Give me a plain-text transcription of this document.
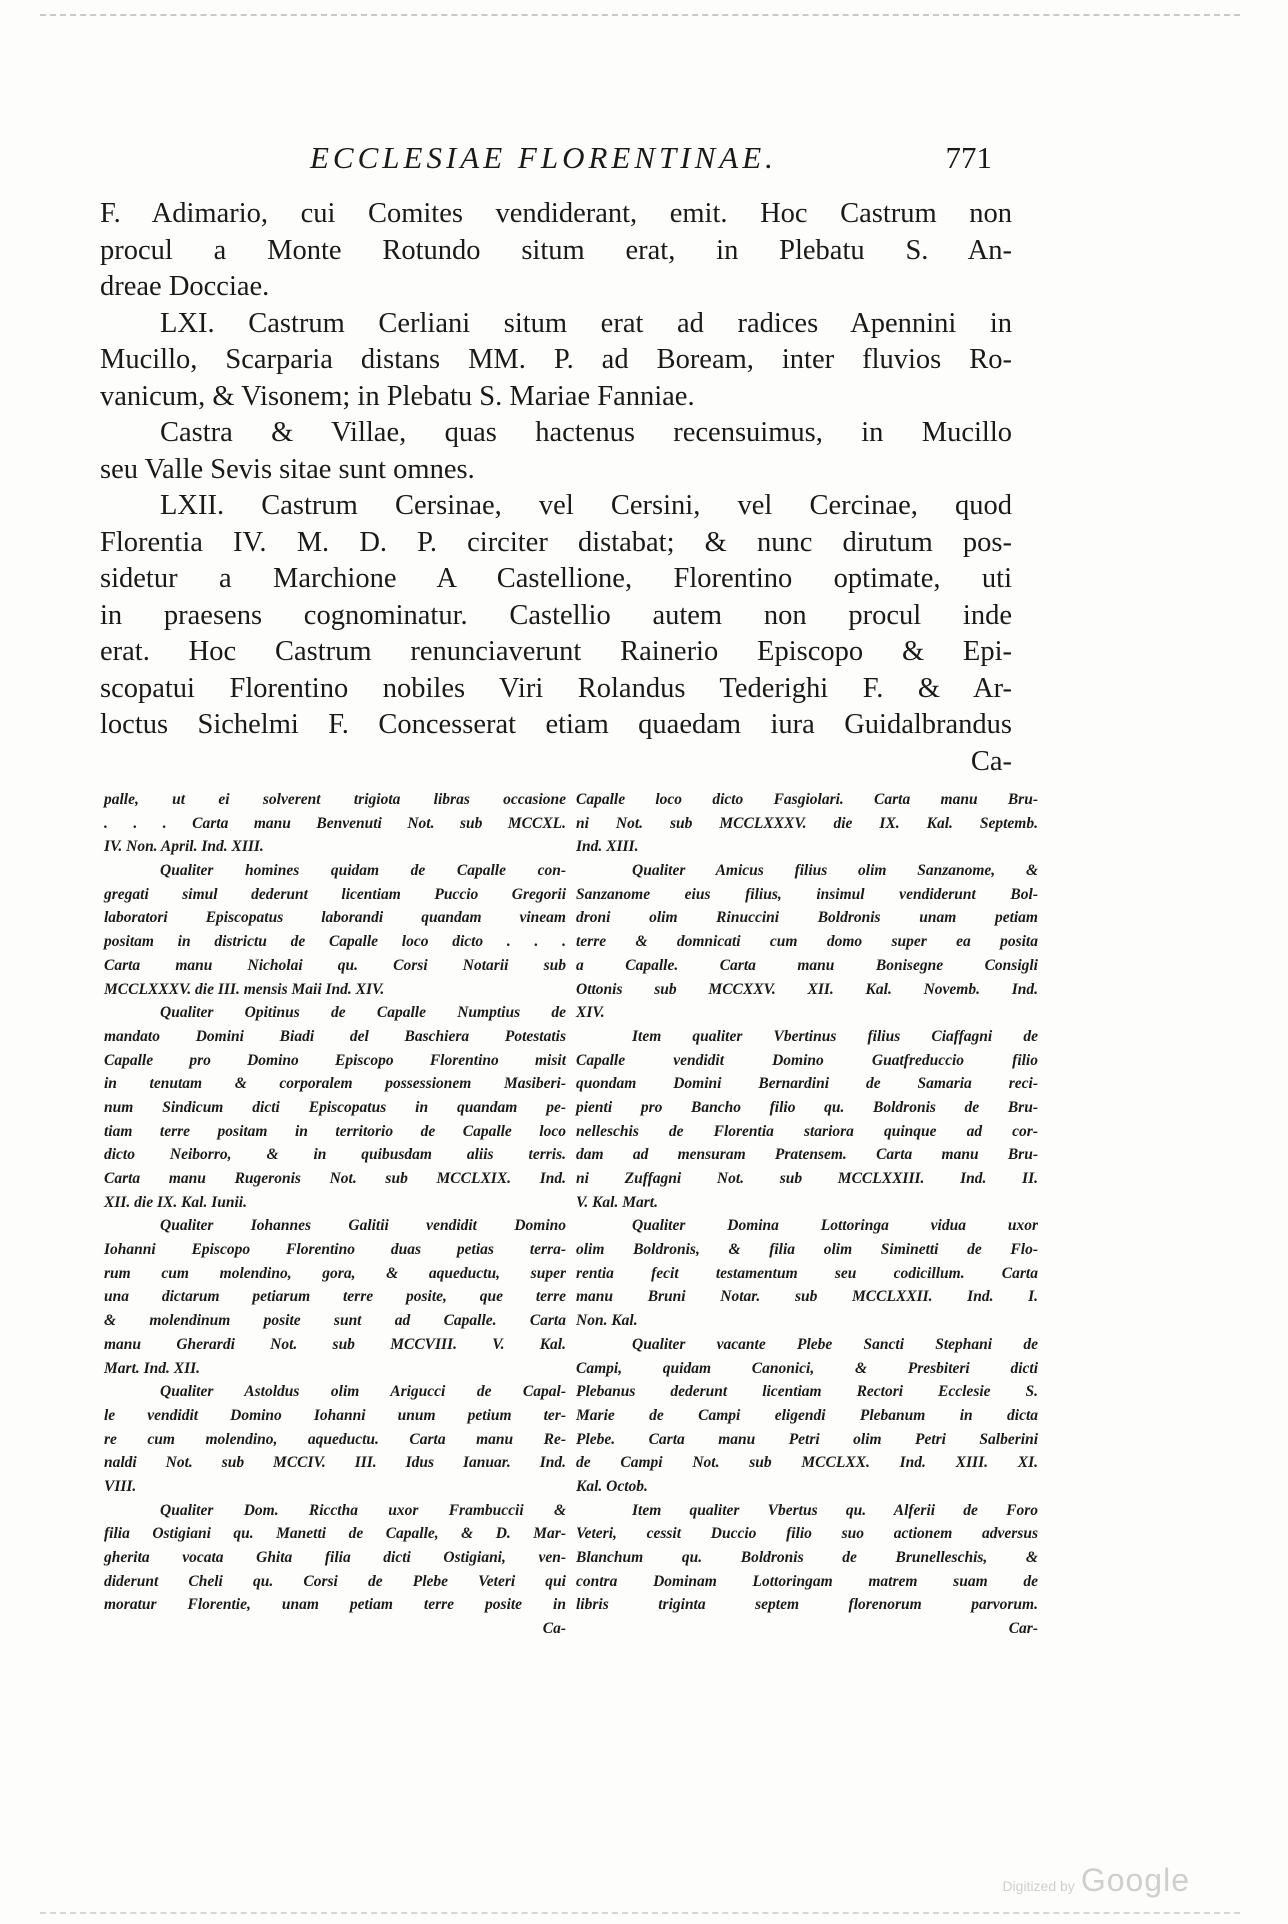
ECCLESIAE FLORENTINAE.	771
F. Adimario, cui Comites vendiderant, emit. Hoc Castrum non
procul a Monte Rotundo situm erat, in Plebatu S. An-
dreae Docciae.
LXI. Castrum Cerliani situm erat ad radices Apennini in
Mucillo, Scarparia distans MM. P. ad Boream, inter fluvios Ro-
vanicum, & Visonem; in Plebatu S. Mariae Fanniae.
Castra & Villae, quas hactenus recensuimus, in Mucillo
seu Valle Sevis sitae sunt omnes.
LXII. Castrum Cersinae, vel Cersini, vel Cercinae, quod
Florentia IV. M. D. P. circiter distabat; & nunc dirutum pos-
sidetur a Marchione A Castellione, Florentino optimate, uti
in praesens cognominatur. Castellio autem non procul inde
erat. Hoc Castrum renunciaverunt Rainerio Episcopo & Epi-
scopatui Florentino nobiles Viri Rolandus Tederighi F. & Ar-
loctus Sichelmi F. Concesserat etiam quaedam iura Guidalbrandus
Ca-
palle, ut ei solverent trigiota libras occasione
. . . Carta manu Benvenuti Not. sub MCCXL.
IV. Non. April. Ind. XIII.
Qualiter homines quidam de Capalle con-
gregati simul dederunt licentiam Puccio Gregorii
laboratori Episcopatus laborandi quandam vineam
positam in districtu de Capalle loco dicto . . .
Carta manu Nicholai qu. Corsi Notarii sub
MCCLXXXV. die III. mensis Maii Ind. XIV.
Qualiter Opitinus de Capalle Numptius de
mandato Domini Biadi del Baschiera Potestatis
Capalle pro Domino Episcopo Florentino misit
in tenutam & corporalem possessionem Masiberi-
num Sindicum dicti Episcopatus in quandam pe-
tiam terre positam in territorio de Capalle loco
dicto Neiborro, & in quibusdam aliis terris.
Carta manu Rugeronis Not. sub MCCLXIX. Ind.
XII. die IX. Kal. Iunii.
Qualiter Iohannes Galitii vendidit Domino
Iohanni Episcopo Florentino duas petias terra-
rum cum molendino, gora, & aqueductu, super
una dictarum petiarum terre posite, que terre
& molendinum posite sunt ad Capalle. Carta
manu Gherardi Not. sub MCCVIII. V. Kal.
Mart. Ind. XII.
Qualiter Astoldus olim Arigucci de Capal-
le vendidit Domino Iohanni unum petium ter-
re cum molendino, aqueductu. Carta manu Re-
naldi Not. sub MCCIV. III. Idus Ianuar. Ind.
VIII.
Qualiter Dom. Ricctha uxor Frambuccii &
filia Ostigiani qu. Manetti de Capalle, & D. Mar-
gherita vocata Ghita filia dicti Ostigiani, ven-
diderunt Cheli qu. Corsi de Plebe Veteri qui
moratur Florentie, unam petiam terre posite in
Ca-
Capalle loco dicto Fasgiolari. Carta manu Bru-
ni Not. sub MCCLXXXV. die IX. Kal. Septemb.
Ind. XIII.
Qualiter Amicus filius olim Sanzanome, &
Sanzanome eius filius, insimul vendiderunt Bol-
droni olim Rinuccini Boldronis unam petiam
terre & domnicati cum domo super ea posita
a Capalle. Carta manu Bonisegne Consigli
Ottonis sub MCCXXV. XII. Kal. Novemb. Ind.
XIV.
Item qualiter Vbertinus filius Ciaffagni de
Capalle vendidit Domino Guatfreduccio filio
quondam Domini Bernardini de Samaria reci-
pienti pro Bancho filio qu. Boldronis de Bru-
nelleschis de Florentia stariora quinque ad cor-
dam ad mensuram Pratensem. Carta manu Bru-
ni Zuffagni Not. sub MCCLXXIII. Ind. II.
V. Kal. Mart.
Qualiter Domina Lottoringa vidua uxor
olim Boldronis, & filia olim Siminetti de Flo-
rentia fecit testamentum seu codicillum. Carta
manu Bruni Notar. sub MCCLXXII. Ind. I.
Non. Kal.
Qualiter vacante Plebe Sancti Stephani de
Campi, quidam Canonici, & Presbiteri dicti
Plebanus dederunt licentiam Rectori Ecclesie S.
Marie de Campi eligendi Plebanum in dicta
Plebe. Carta manu Petri olim Petri Salberini
de Campi Not. sub MCCLXX. Ind. XIII. XI.
Kal. Octob.
Item qualiter Vbertus qu. Alferii de Foro
Veteri, cessit Duccio filio suo actionem adversus
Blanchum qu. Boldronis de Brunelleschis, &
contra Dominam Lottoringam matrem suam de
libris triginta septem florenorum parvorum.
Car-
Digitized by Google
